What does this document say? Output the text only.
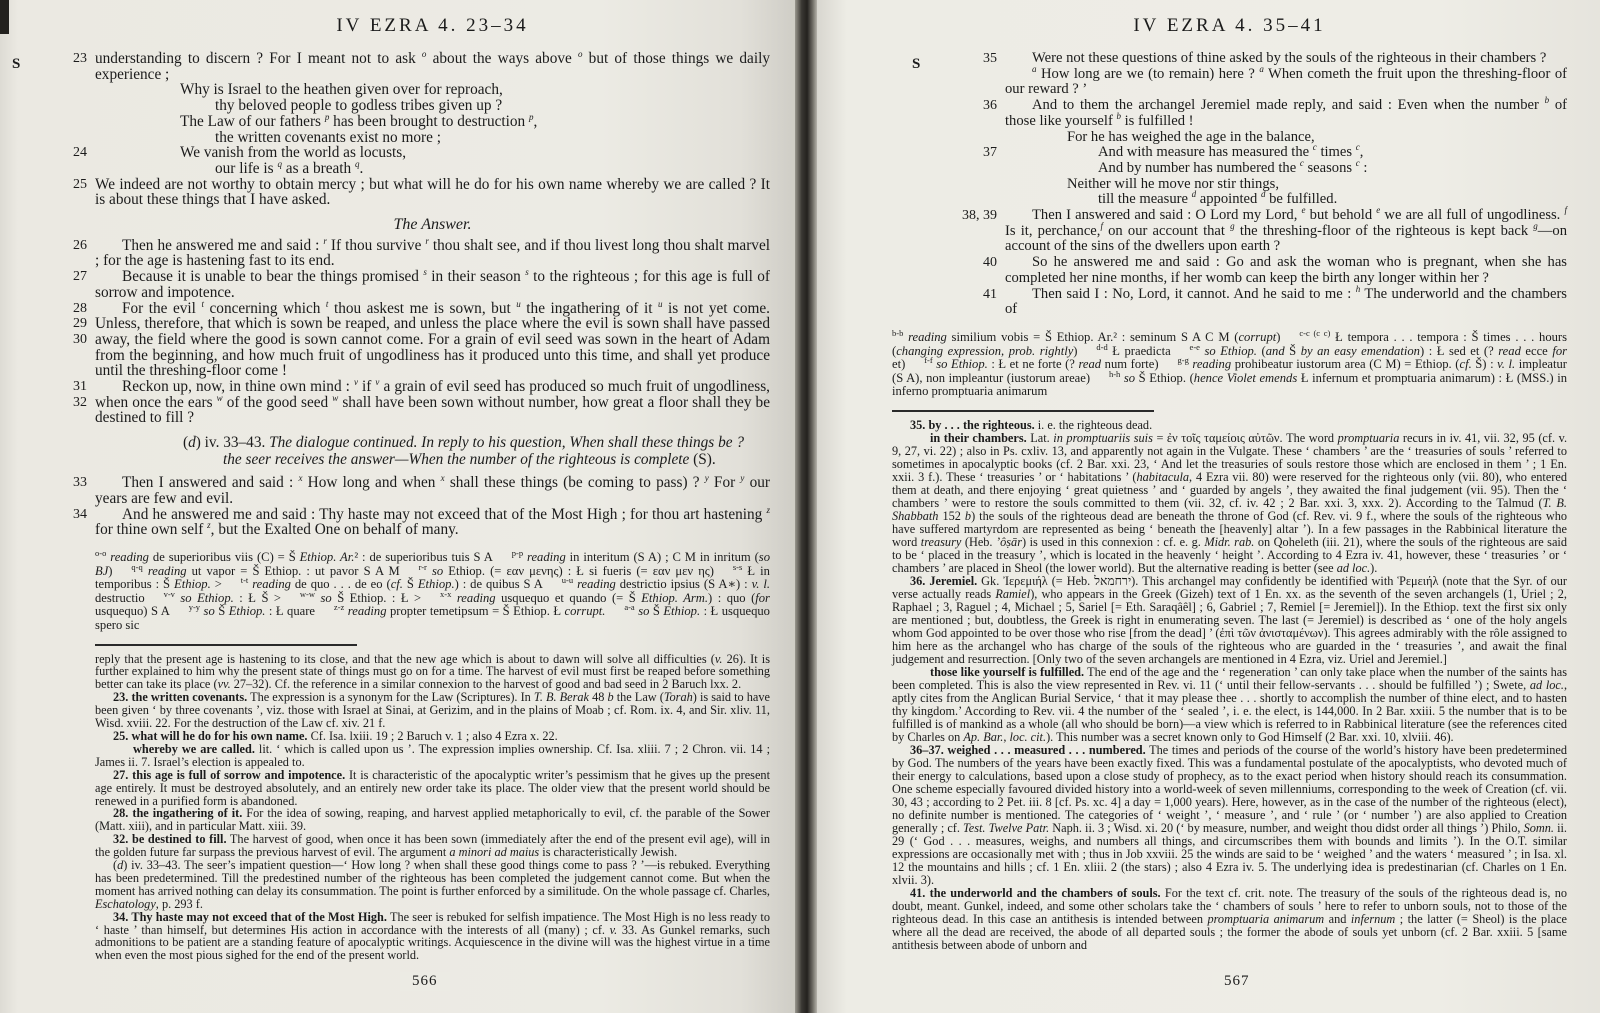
S
IV EZRA 4. 23–34
23 understanding to discern ? For I meant not to ask $^o$ about the ways above $^o$ but of those things we daily experience ;
Why is Israel to the heathen given over for reproach,
thy beloved people to godless tribes given up ?
The Law of our fathers $^p$ has been brought to destruction $^p$,
the written covenants exist no more ;
24	We vanish from the world as locusts,
our life is $^q$ as a breath $^q$.
25 We indeed are not worthy to obtain mercy ; but what will he do for his own name whereby we are called ? It is about these things that I have asked.
The Answer.
26	Then he answered me and said : $^r$ If thou survive $^r$ thou shalt see, and if thou livest long thou shalt marvel ; for the age is hastening fast to its end.
27	Because it is unable to bear the things promised $^s$ in their season $^s$ to the righteous ; for this age is full of sorrow and impotence.
28
29
30
For the evil $^t$ concerning which $^t$ thou askest me is sown, but $^u$ the ingathering of it $^u$ is not yet come. Unless, therefore, that which is sown be reaped, and unless the place where the evil is sown shall have passed away, the field where the good is sown cannot come. For a grain of evil seed was sown in the heart of Adam from the beginning, and how much fruit of ungodliness has it produced unto this time, and shall yet produce until the threshing-floor come !
31
32
Reckon up, now, in thine own mind : $^v$ if $^v$ a grain of evil seed has produced so much fruit of ungodliness, when once the ears $^w$ of the good seed $^w$ shall have been sown without number, how great a floor shall they be destined to fill ?
(d) iv. 33–43. The dialogue continued. In reply to his question, When shall these things be ?
the seer receives the answer—When the number of the righteous is complete (S).
33	Then I answered and said : $^x$ How long and when $^x$ shall these things (be coming to pass) ? $^y$ For $^y$ our years are few and evil.
34	And he answered me and said : Thy haste may not exceed that of the Most High ; for thou art hastening $^z$ for thine own self $^z$, but the Exalted One on behalf of many.
$^{o-o}$ reading de superioribus viis (C) = Š Ethiop. Ar.² : de superioribus tuis S A   $^{p-p}$ reading in interitum (S A) ; C M in inritum (so BJ)   $^{q-q}$ reading ut vapor = Š Ethiop. : ut pavor S A M   $^{r-r}$ so Ethiop. (= εαν μενης) : Ł si fueris (= εαν μεν ης)   $^{s-s}$ Ł in temporibus : Š Ethiop. >   $^{t-t}$ reading de quo . . . de eo (cf. Š Ethiop.) : de quibus S A   $^{u-u}$ reading destrictio ipsius (S A∗) : v. l. destructio   $^{v-v}$ so Ethiop. : Ł Š >   $^{w-w}$ so Š Ethiop. : Ł >   $^{x-x}$ reading usquequo et quando (= Š Ethiop. Arm.) : quo (for usquequo) S A   $^{y-y}$ so Š Ethiop. : Ł quare   $^{z-z}$ reading propter temetipsum = Š Ethiop. Ł corrupt.    $^{a-a}$ so Š Ethiop. : Ł usquequo spero sic

reply that the present age is hastening to its close, and that the new age which is about to dawn will solve all difficulties (v. 26). It is further explained to him why the present state of things must go on for a time. The harvest of evil must first be reaped before something better can take its place (vv. 27–32). Cf. the reference in a similar connexion to the harvest of good and bad seed in 2 Baruch lxx. 2.

23. the written covenants. The expression is a synonym for the Law (Scriptures). In T. B. Berak 48 b the Law (Torah) is said to have been given ‘ by three covenants ’, viz. those with Israel at Sinai, at Gerizim, and in the plains of Moab ; cf. Rom. ix. 4, and Sir. xliv. 11, Wisd. xviii. 22. For the destruction of the Law cf. xiv. 21 f.

25. what will he do for his own name. Cf. Isa. lxiii. 19 ; 2 Baruch v. 1 ; also 4 Ezra x. 22.

whereby we are called. lit. ‘ which is called upon us ’. The expression implies ownership. Cf. Isa. xliii. 7 ; 2 Chron. vii. 14 ; James ii. 7. Israel’s election is appealed to.

27. this age is full of sorrow and impotence. It is characteristic of the apocalyptic writer’s pessimism that he gives up the present age entirely. It must be destroyed absolutely, and an entirely new order take its place. The older view that the present world should be renewed in a purified form is abandoned.

28. the ingathering of it. For the idea of sowing, reaping, and harvest applied metaphorically to evil, cf. the parable of the Sower (Matt. xiii), and in particular Matt. xiii. 39.

32. be destined to fill. The harvest of good, when once it has been sown (immediately after the end of the present evil age), will in the golden future far surpass the previous harvest of evil. The argument a minori ad maius is characteristically Jewish.

(d) iv. 33–43. The seer’s impatient question—‘ How long ? when shall these good things come to pass ? ’—is rebuked. Everything has been predetermined. Till the predestined number of the righteous has been completed the judgement cannot come. But when the moment has arrived nothing can delay its consummation. The point is further enforced by a similitude. On the whole passage cf. Charles, Eschatology, p. 293 f.

34. Thy haste may not exceed that of the Most High. The seer is rebuked for selfish impatience. The Most High is no less ready to ‘ haste ’ than himself, but determines His action in accordance with the interests of all (many) ; cf. v. 33. As Gunkel remarks, such admonitions to be patient are a standing feature of apocalyptic writings. Acquiescence in the divine will was the highest virtue in a time when even the most pious sighed for the end of the present world.

566
S
IV EZRA 4. 35–41
35	Were not these questions of thine asked by the souls of the righteous in their chambers ?
$^a$ How long are we (to remain) here ? $^a$ When cometh the fruit upon the threshing-floor of our reward ? ’
36	And to them the archangel Jeremiel made reply, and said : Even when the number $^b$ of those like yourself $^b$ is fulfilled !
For he has weighed the age in the balance,
37	And with measure has measured the $^c$ times $^c$,
And by number has numbered the $^c$ seasons $^c$ :
Neither will he move nor stir things,
till the measure $^d$ appointed $^d$ be fulfilled.
38, 39	Then I answered and said : O Lord my Lord, $^e$ but behold $^e$ we are all full of ungodliness. $^f$ Is it, perchance,$^f$ on our account that $^g$ the threshing-floor of the righteous is kept back $^g$—on account of the sins of the dwellers upon earth ?
40	So he answered me and said : Go and ask the woman who is pregnant, when she has completed her nine months, if her womb can keep the birth any longer within her ?
41	Then said I : No, Lord, it cannot. And he said to me : $^h$ The underworld and the chambers of
$^{b-b}$ reading similium vobis = Š Ethiop. Ar.² : seminum S A C M (corrupt)   $^{c-c (c c)}$ Ł tempora . . . tempora : Š times . . . hours (changing expression, prob. rightly)   $^{d-d}$ Ł praedicta   $^{e-e}$ so Ethiop. (and Š by an easy emendation) : Ł sed et (? read ecce for et)   $^{f-f}$ so Ethiop. : Ł et ne forte (? read num forte)   $^{g-g}$ reading prohibeatur iustorum area (C M) = Ethiop. (cf. Š) : v. l. impleatur (S A), non impleantur (iustorum areae)   $^{h-h}$ so Š Ethiop. (hence Violet emends Ł infernum et promptuaria animarum) : Ł (MSS.) in inferno promptuaria animarum

35. by . . . the righteous. i. e. the righteous dead.

in their chambers. Lat. in promptuariis suis = ἐν τοῖς ταμείοις αὐτῶν. The word promptuaria recurs in iv. 41, vii. 32, 95 (cf. v. 9, 27, vi. 22) ; also in Ps. cxliv. 13, and apparently not again in the Vulgate. These ‘ chambers ’ are the ‘ treasuries of souls ’ referred to sometimes in apocalyptic books (cf. 2 Bar. xxi. 23, ‘ And let the treasuries of souls restore those which are enclosed in them ’ ; 1 En. xxii. 3 f.). These ‘ treasuries ’ or ‘ habitations ’ (habitacula, 4 Ezra vii. 80) were reserved for the righteous only (vii. 80), who entered them at death, and there enjoying ‘ great quietness ’ and ‘ guarded by angels ’, they awaited the final judgement (vii. 95). Then the ‘ chambers ’ were to restore the souls committed to them (vii. 32, cf. iv. 42 ; 2 Bar. xxi. 3, xxx. 2). According to the Talmud (T. B. Shabbath 152 b) the souls of the righteous dead are beneath the throne of God (cf. Rev. vi. 9 f., where the souls of the righteous who have suffered martyrdom are represented as being ‘ beneath the [heavenly] altar ’). In a few passages in the Rabbinical literature the word treasury (Heb. ’ôṣār) is used in this connexion : cf. e. g. Midr. rab. on Qoheleth (iii. 21), where the souls of the righteous are said to be ‘ placed in the treasury ’, which is located in the heavenly ‘ height ’. According to 4 Ezra iv. 41, however, these ‘ treasuries ’ or ‘ chambers ’ are placed in Sheol (the lower world). But the alternative reading is better (see ad loc.).

36. Jeremiel. Gk. Ἰερεμιήλ (= Heb. ירחמאל‎). This archangel may confidently be identified with Ῥεμειήλ (note that the Syr. of our verse actually reads Ramiel), who appears in the Greek (Gizeh) text of 1 En. xx. as the seventh of the seven archangels (1, Uriel ; 2, Raphael ; 3, Raguel ; 4, Michael ; 5, Sariel [= Eth. Saraqâêl] ; 6, Gabriel ; 7, Remiel [= Jeremiel]). In the Ethiop. text the first six only are mentioned ; but, doubtless, the Greek is right in enumerating seven. The last (= Jeremiel) is described as ‘ one of the holy angels whom God appointed to be over those who rise [from the dead] ’ (ἐπὶ τῶν ἀνισταμένων). This agrees admirably with the rôle assigned to him here as the archangel who has charge of the souls of the righteous who are guarded in the ‘ treasuries ’, and await the final judgement and resurrection. [Only two of the seven archangels are mentioned in 4 Ezra, viz. Uriel and Jeremiel.]

those like yourself is fulfilled. The end of the age and the ‘ regeneration ’ can only take place when the number of the saints has been completed. This is also the view represented in Rev. vi. 11 (‘ until their fellow-servants . . . should be fulfilled ’) ; Swete, ad loc., aptly cites from the Anglican Burial Service, ‘ that it may please thee . . . shortly to accomplish the number of thine elect, and to hasten thy kingdom.’ According to Rev. vii. 4 the number of the ‘ sealed ’, i. e. the elect, is 144,000. In 2 Bar. xxiii. 5 the number that is to be fulfilled is of mankind as a whole (all who should be born)—a view which is referred to in Rabbinical literature (see the references cited by Charles on Ap. Bar., loc. cit.). This number was a secret known only to God Himself (2 Bar. xxi. 10, xlviii. 46).

36–37. weighed . . . measured . . . numbered. The times and periods of the course of the world’s history have been predetermined by God. The numbers of the years have been exactly fixed. This was a fundamental postulate of the apocalyptists, who devoted much of their energy to calculations, based upon a close study of prophecy, as to the exact period when history should reach its consummation. One scheme especially favoured divided history into a world-week of seven millenniums, corresponding to the week of Creation (cf. vii. 30, 43 ; according to 2 Pet. iii. 8 [cf. Ps. xc. 4] a day = 1,000 years). Here, however, as in the case of the number of the righteous (elect), no definite number is mentioned. The categories of ‘ weight ’, ‘ measure ’, and ‘ rule ’ (or ‘ number ’) are also applied to Creation generally ; cf. Test. Twelve Patr. Naph. ii. 3 ; Wisd. xi. 20 (‘ by measure, number, and weight thou didst order all things ’) Philo, Somn. ii. 29 (‘ God . . . measures, weighs, and numbers all things, and circumscribes them with bounds and limits ’). In the O.T. similar expressions are occasionally met with ; thus in Job xxviii. 25 the winds are said to be ‘ weighed ’ and the waters ‘ measured ’ ; in Isa. xl. 12 the mountains and hills ; cf. 1 En. xliii. 2 (the stars) ; also 4 Ezra iv. 5. The underlying idea is predestinarian (cf. Charles on 1 En. xlvii. 3).

41. the underworld and the chambers of souls. For the text cf. crit. note. The treasury of the souls of the righteous dead is, no doubt, meant. Gunkel, indeed, and some other scholars take the ‘ chambers of souls ’ here to refer to unborn souls, not to those of the righteous dead. In this case an antithesis is intended between promptuaria animarum and infernum ; the latter (= Sheol) is the place where all the dead are received, the abode of all departed souls ; the former the abode of souls yet unborn (cf. 2 Bar. xxiii. 5 [same antithesis between abode of unborn and

567
